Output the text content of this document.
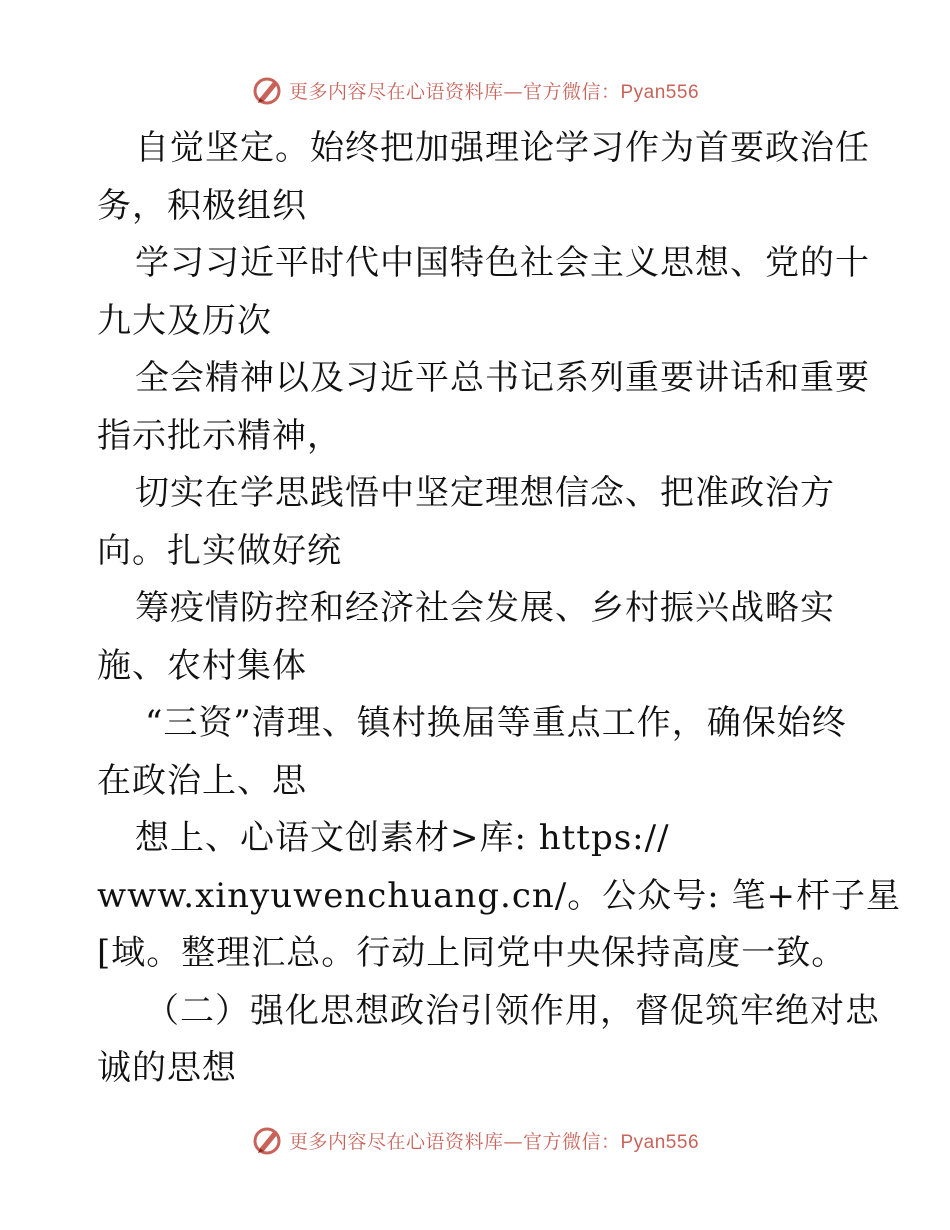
更多内容尽在心语资料库—官方微信：Pyan556
自觉坚定。始终把加强理论学习作为首要政治任
务，积极组织
学习习近平时代中国特色社会主义思想、党的十
九大及历次
全会精神以及习近平总书记系列重要讲话和重要
指示批示精神，
切实在学思践悟中坚定理想信念、把准政治方
向。扎实做好统
筹疫情防控和经济社会发展、乡村振兴战略实
施、农村集体
“三资”清理、镇村换届等重点工作，确保始终
在政治上、思
想上、心语文创素材>库: https://
www.xinyuwenchuang.cn/。公众号: 笔+杆子星
[域。整理汇总。行动上同党中央保持高度一致。
（二）强化思想政治引领作用，督促筑牢绝对忠
诚的思想
更多内容尽在心语资料库—官方微信：Pyan556
